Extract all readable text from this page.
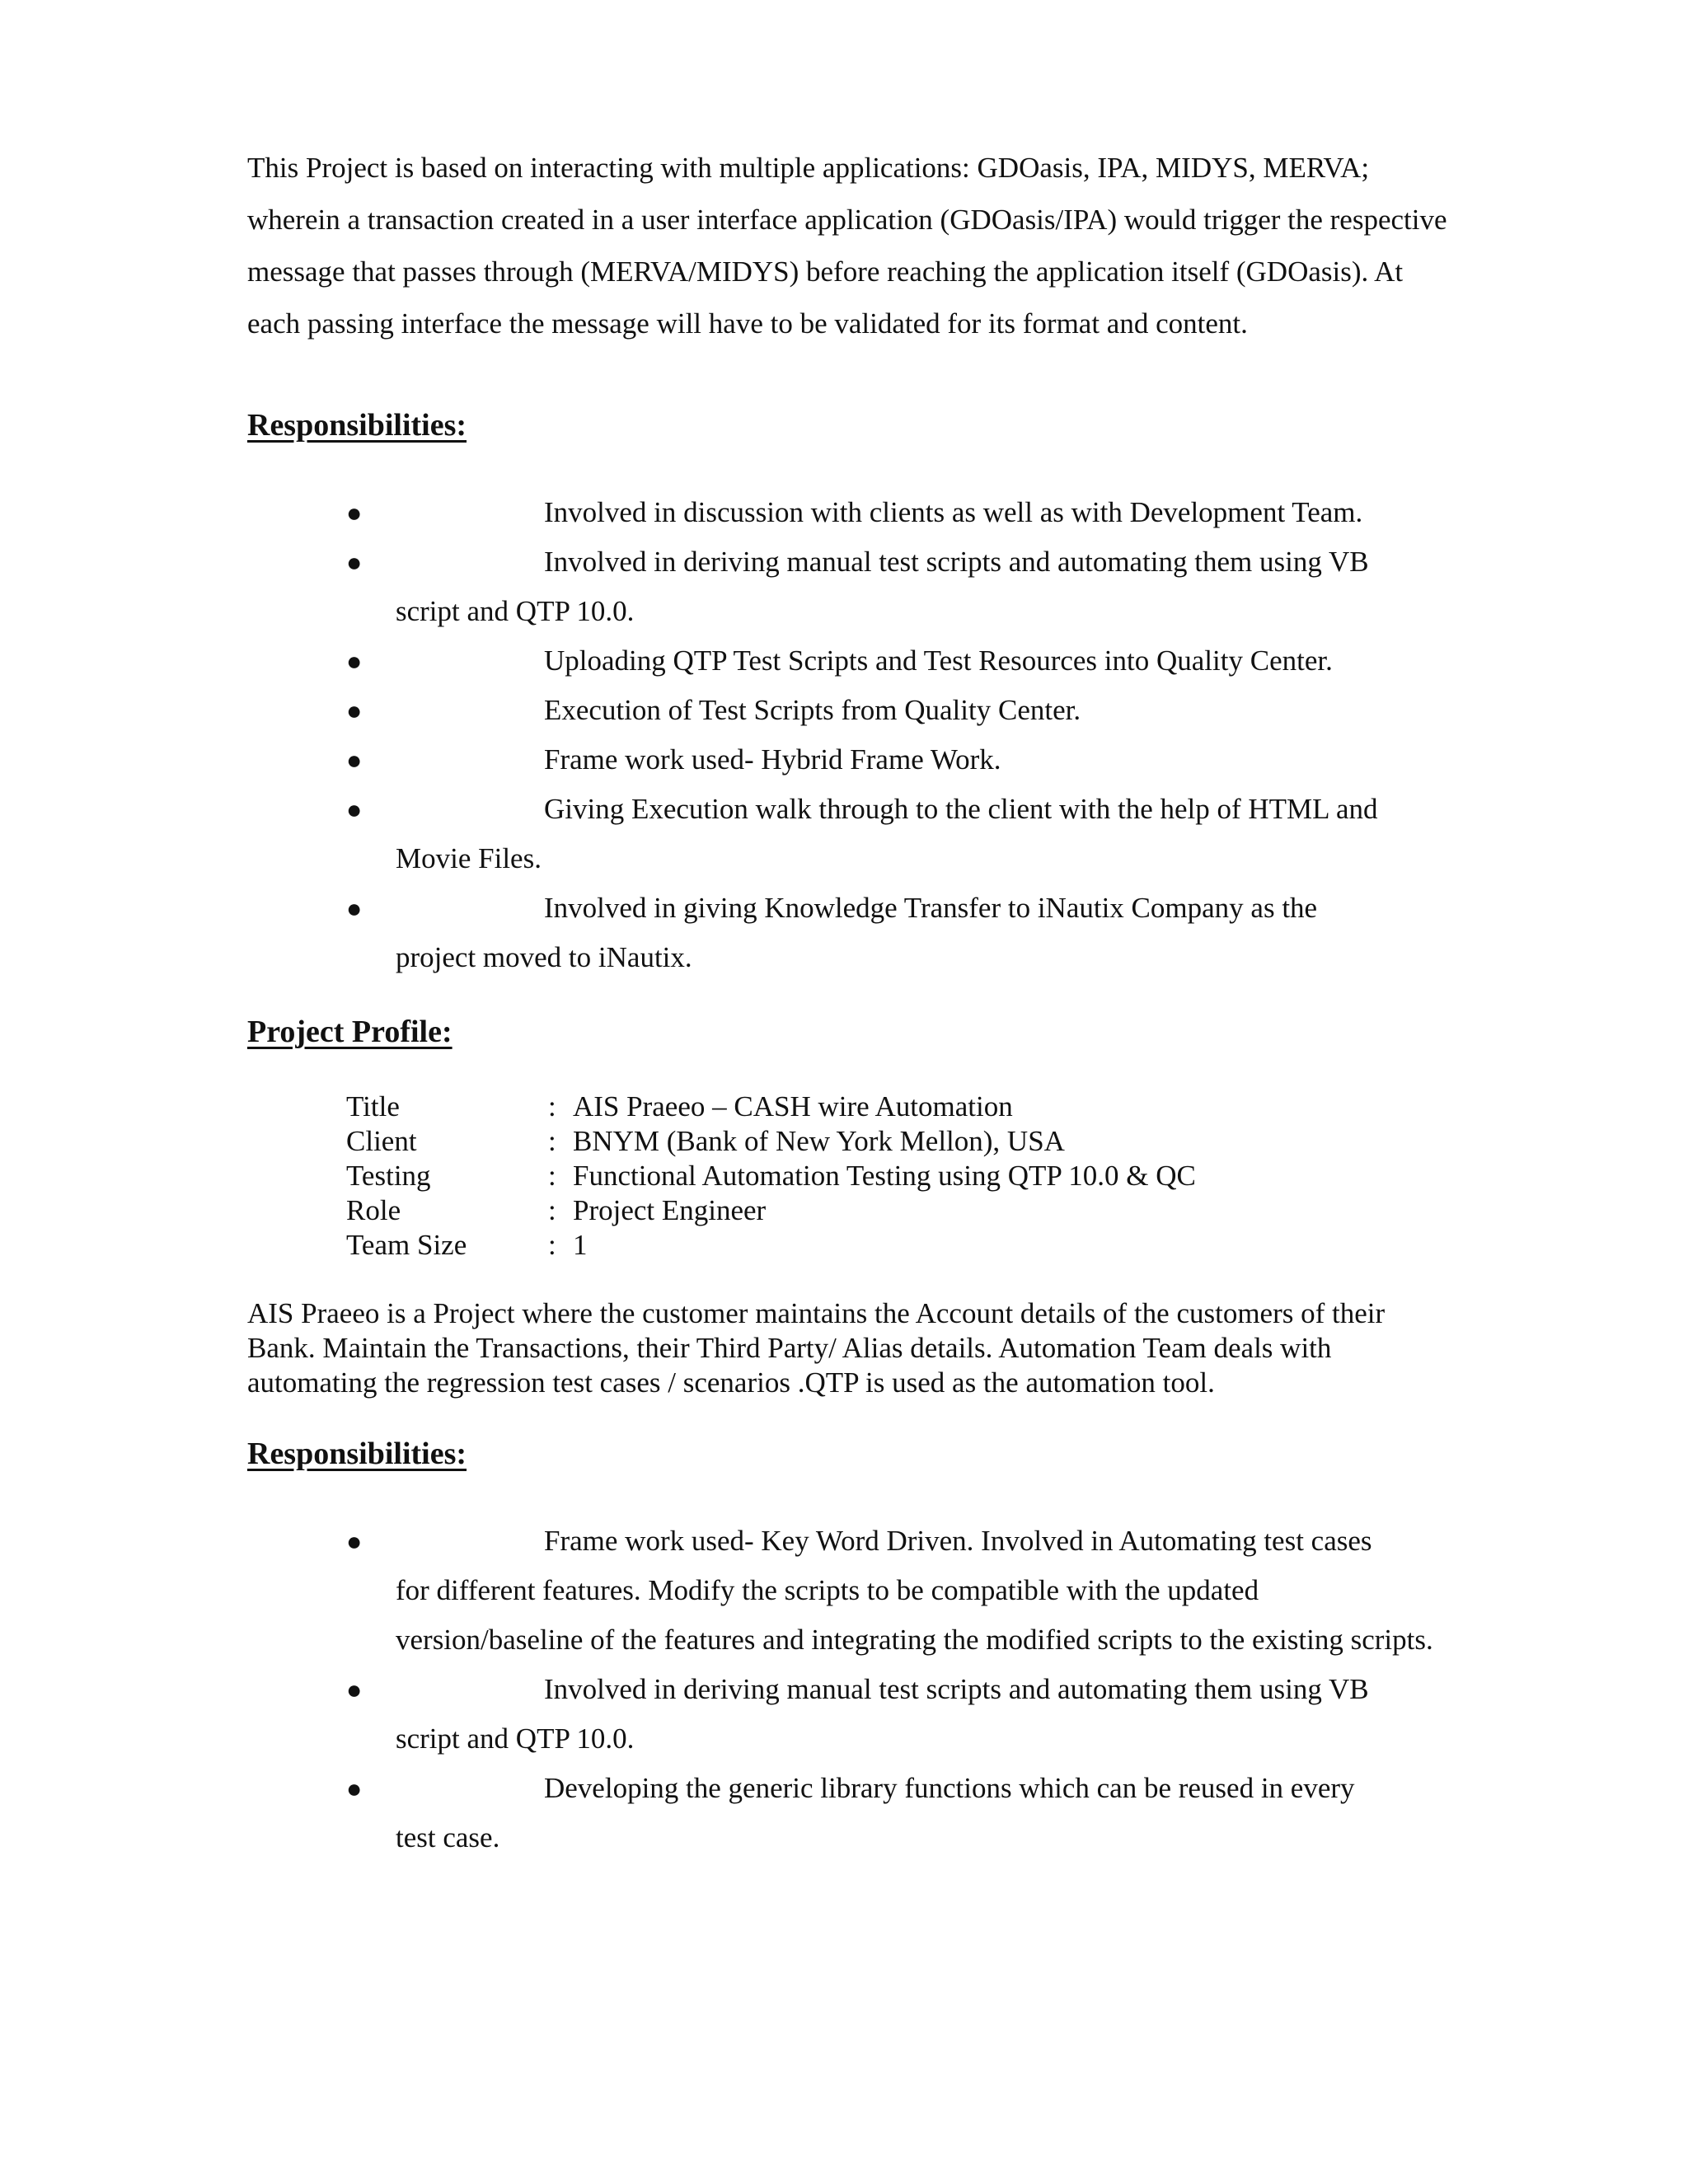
This Project is based on interacting with multiple applications: GDOasis, IPA, MIDYS, MERVA; wherein a transaction created in a user interface application (GDOasis/IPA) would trigger the respective message that passes through (MERVA/MIDYS) before reaching the application itself (GDOasis). At each passing interface the message will have to be validated for its format and content.

Responsibilities:
●	Involved in discussion with clients as well as with Development Team.
●	Involved in deriving manual test scripts and automating them using VB
script and QTP 10.0.
●	Uploading QTP Test Scripts and Test Resources into Quality Center.
●	Execution of Test Scripts from Quality Center.
●	Frame work used- Hybrid Frame Work.
●	Giving Execution walk through to the client with the help of HTML and
Movie Files.
●	Involved in giving Knowledge Transfer to iNautix Company as the
project moved to iNautix.
Project Profile:
Title	: AIS Praeeo – CASH wire Automation
Client	: BNYM (Bank of New York Mellon), USA
Testing	: Functional Automation Testing using QTP 10.0 & QC
Role	: Project Engineer
Team Size	: 1

AIS Praeeo is a Project where the customer maintains the Account details of the customers of their Bank. Maintain the Transactions, their Third Party/ Alias details. Automation Team deals with automating the regression test cases / scenarios .QTP is used as the automation tool.

Responsibilities:
●	Frame work used- Key Word Driven. Involved in Automating test cases
for different features. Modify the scripts to be compatible with the updated version/baseline of the features and integrating the modified scripts to the existing scripts.
●	Involved in deriving manual test scripts and automating them using VB
script and QTP 10.0.
●	Developing the generic library functions which can be reused in every
test case.
